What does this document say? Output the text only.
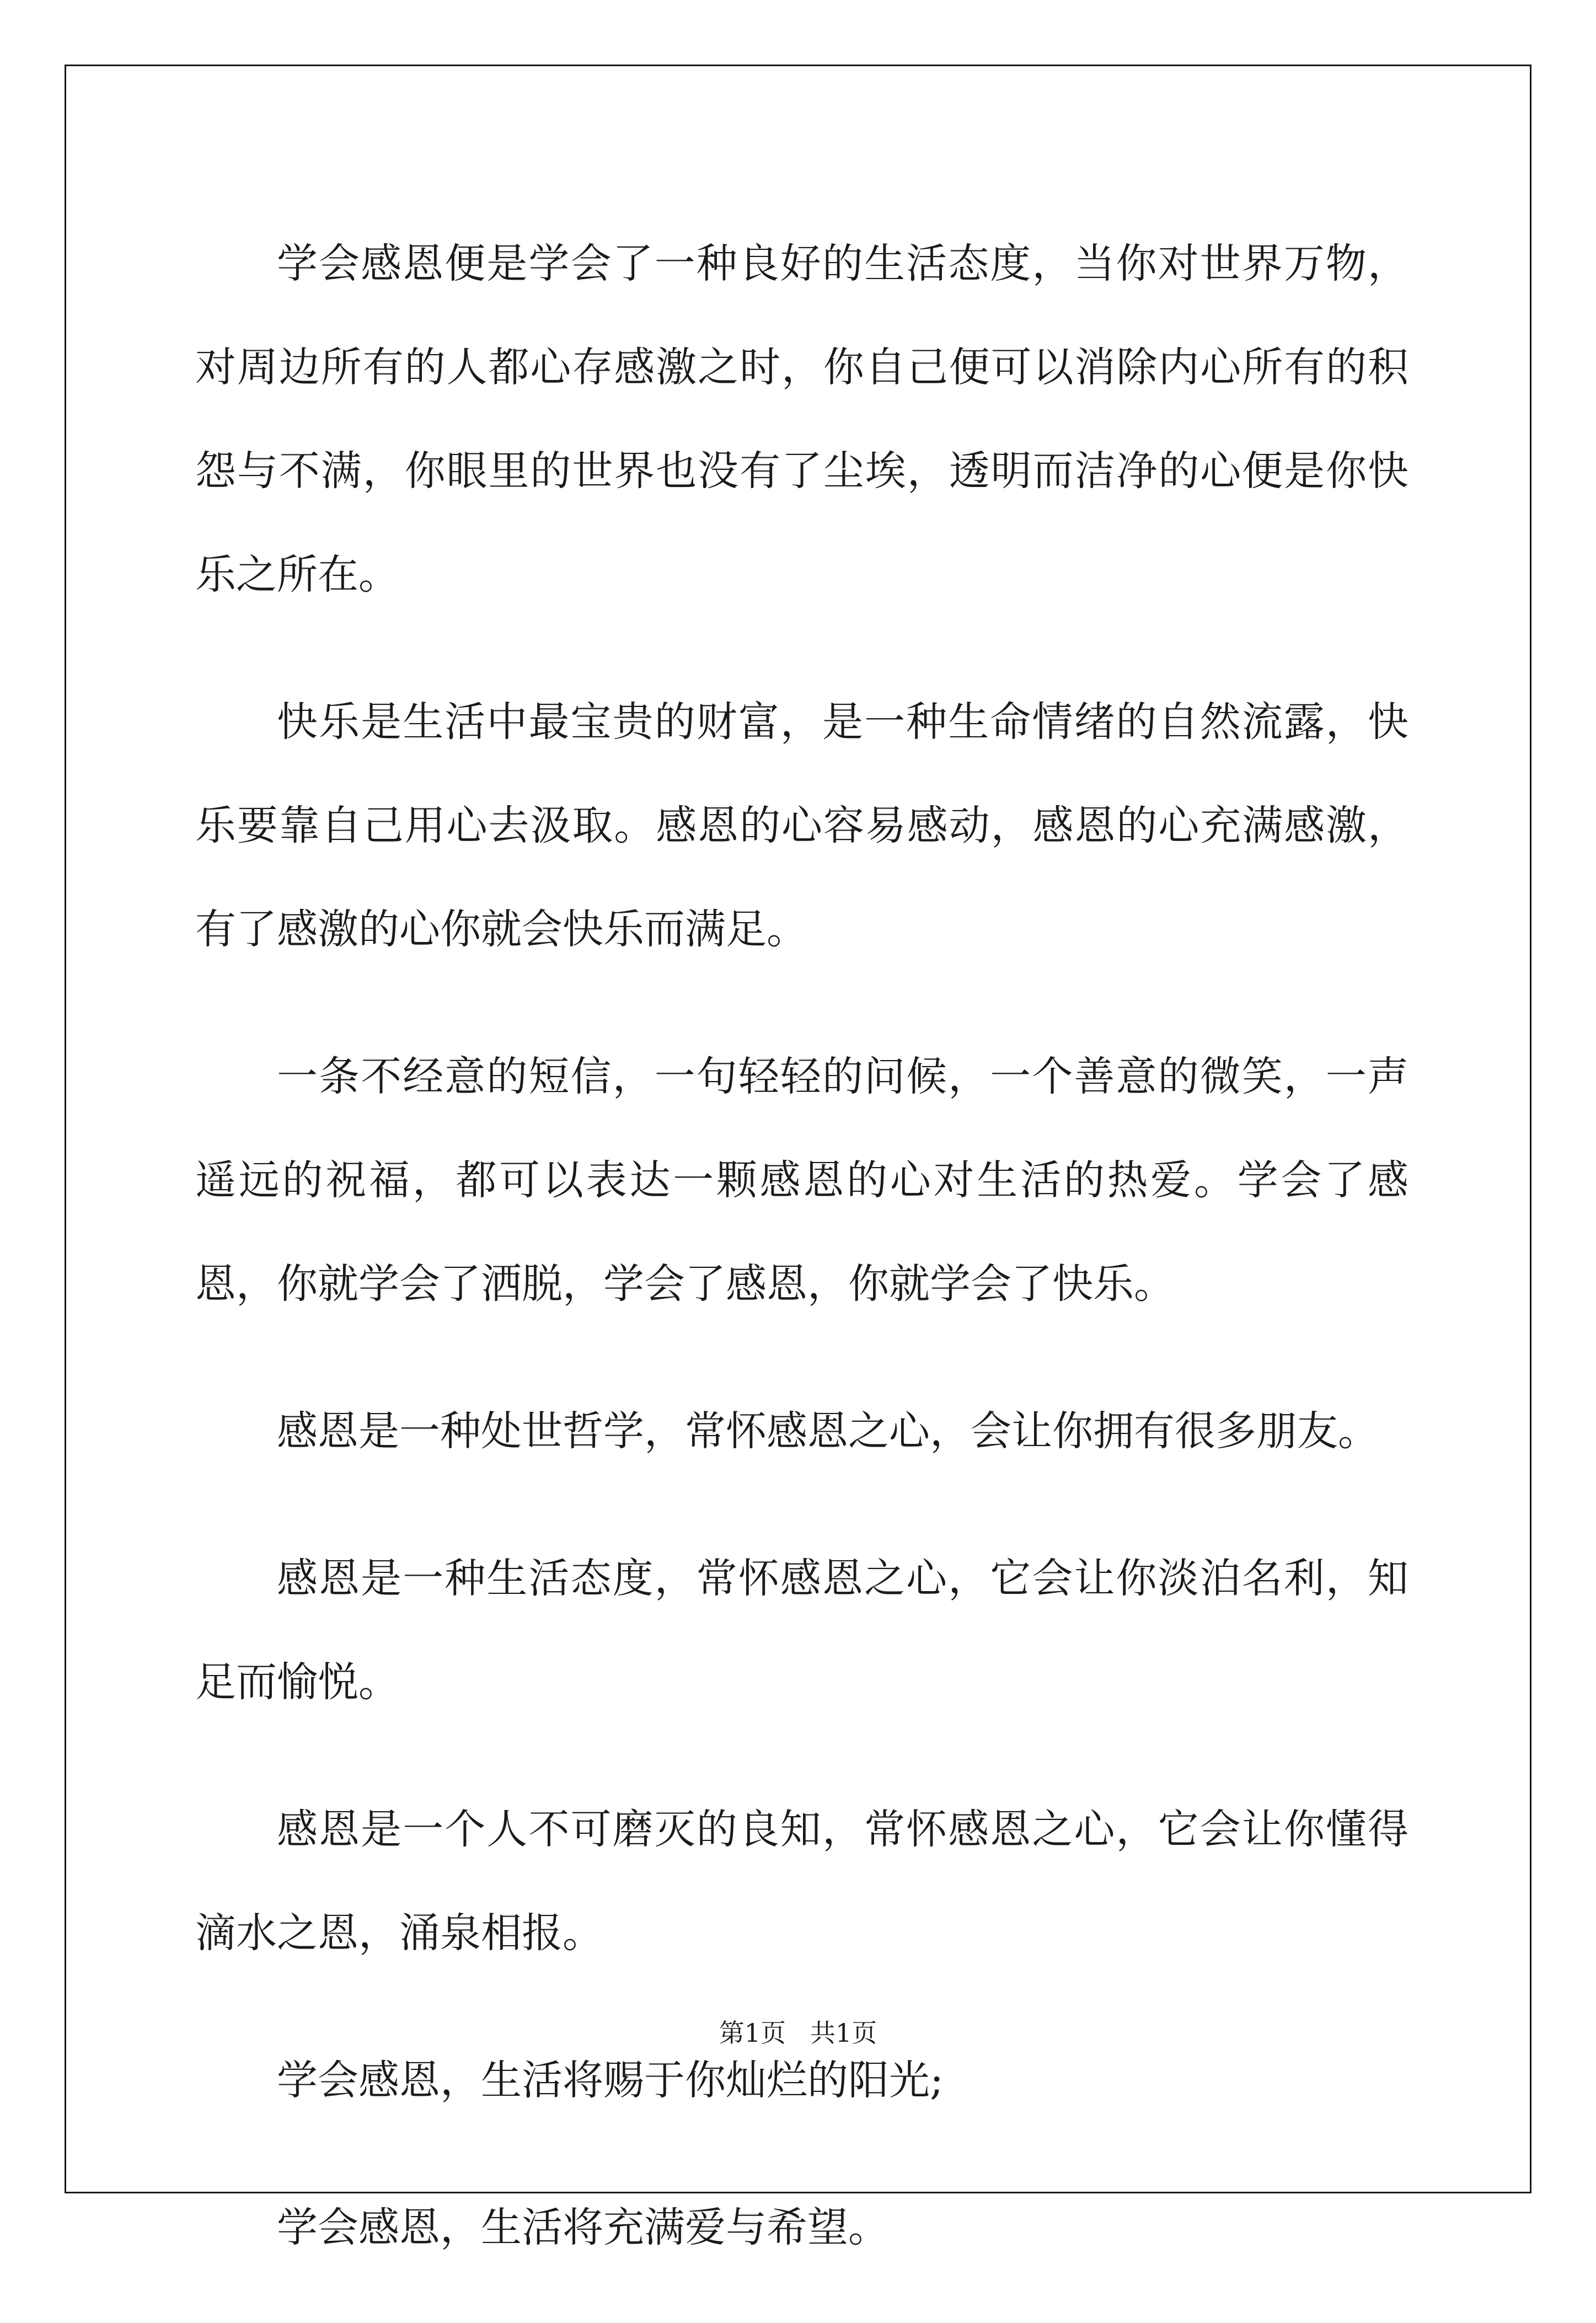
学会感恩便是学会了一种良好的生活态度，当你对世界万物，对周边所有的人都心存感激之时，你自己便可以消除内心所有的积怨与不满，你眼里的世界也没有了尘埃，透明而洁净的心便是你快乐之所在。

快乐是生活中最宝贵的财富，是一种生命情绪的自然流露，快乐要靠自己用心去汲取。感恩的心容易感动，感恩的心充满感激，有了感激的心你就会快乐而满足。

一条不经意的短信，一句轻轻的问候，一个善意的微笑，一声遥远的祝福，都可以表达一颗感恩的心对生活的热爱。学会了感恩，你就学会了洒脱，学会了感恩，你就学会了快乐。

感恩是一种处世哲学，常怀感恩之心，会让你拥有很多朋友。

感恩是一种生活态度，常怀感恩之心，它会让你淡泊名利，知足而愉悦。

感恩是一个人不可磨灭的良知，常怀感恩之心，它会让你懂得滴水之恩，涌泉相报。

学会感恩，生活将赐于你灿烂的阳光;

学会感恩，生活将充满爱与希望。

第1页 共1页
